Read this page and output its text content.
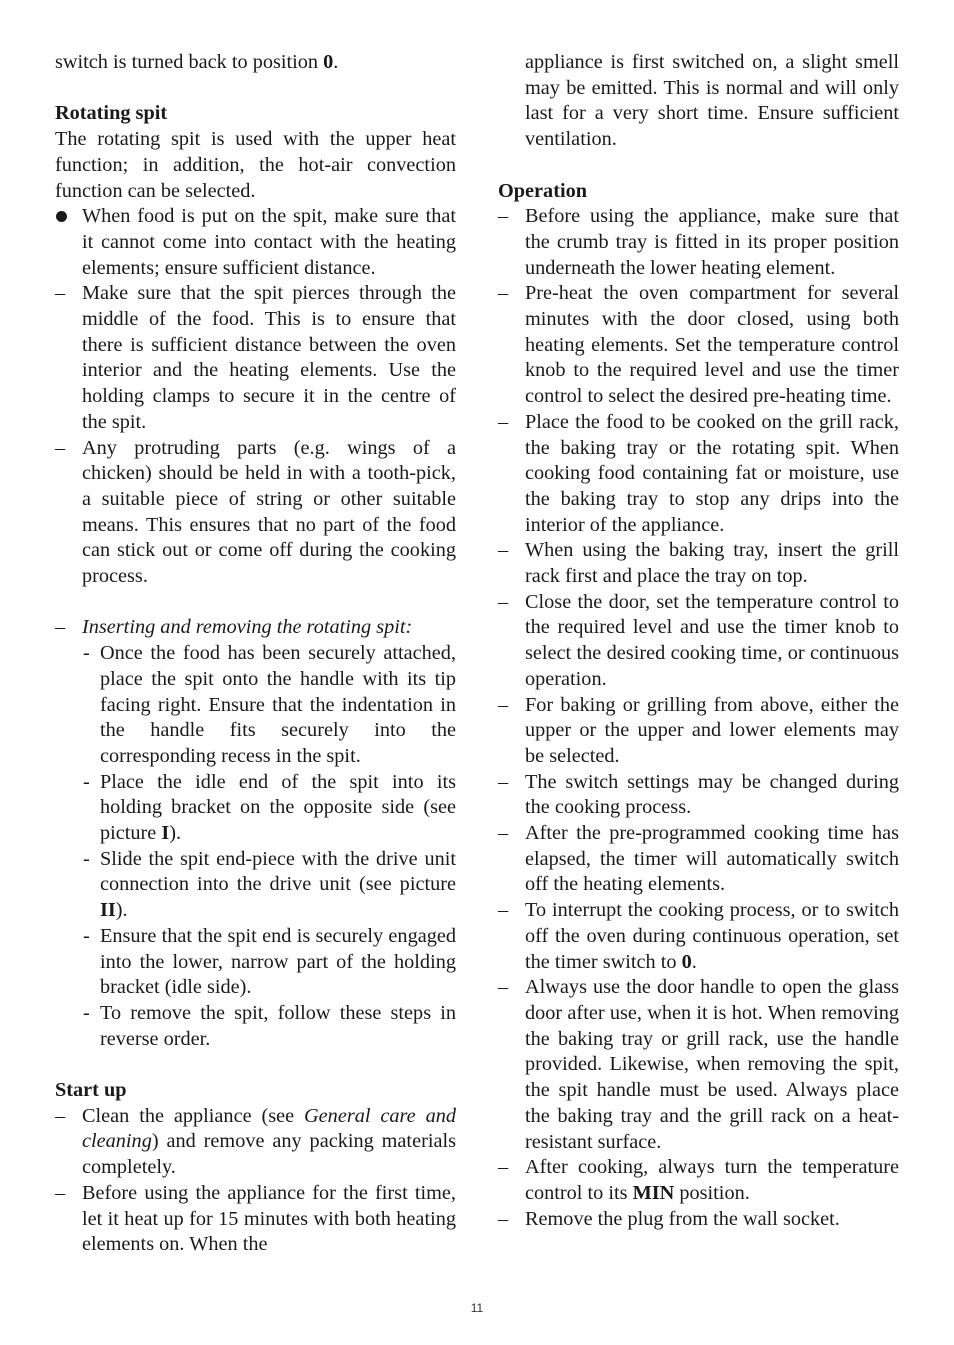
switch is turned back to position 0.

Rotating spit

The rotating spit is used with the upper heat function; in addition, the hot-air convection function can be selected.

When food is put on the spit, make sure that it cannot come into contact with the heating elements; ensure sufficient distance.
– Make sure that the spit pierces through the middle of the food. This is to ensure that there is sufficient distance between the oven interior and the heating elements. Use the holding clamps to secure it in the centre of the spit.
– Any protruding parts (e.g. wings of a chicken) should be held in with a tooth-pick, a suitable piece of string or other suitable means. This ensures that no part of the food can stick out or come off during the cooking process.
– Inserting and removing the rotating spit:
- Once the food has been securely attached, place the spit onto the handle with its tip facing right. Ensure that the indentation in the handle fits securely into the corresponding recess in the spit.
- Place the idle end of the spit into its holding bracket on the opposite side (see picture I).
- Slide the spit end-piece with the drive unit connection into the drive unit (see picture II).
- Ensure that the spit end is securely engaged into the lower, narrow part of the holding bracket (idle side).
- To remove the spit, follow these steps in reverse order.
Start up
– Clean the appliance (see General care and cleaning) and remove any packing materials completely.
– Before using the appliance for the first time, let it heat up for 15 minutes with both heating elements on. When the

appliance is first switched on, a slight smell may be emitted. This is normal and will only last for a very short time. Ensure sufficient ventilation.

Operation
– Before using the appliance, make sure that the crumb tray is fitted in its proper position underneath the lower heating element.
– Pre-heat the oven compartment for several minutes with the door closed, using both heating elements. Set the temperature control knob to the required level and use the timer control to select the desired pre-heating time.
– Place the food to be cooked on the grill rack, the baking tray or the rotating spit. When cooking food containing fat or moisture, use the baking tray to stop any drips into the interior of the appliance.
– When using the baking tray, insert the grill rack first and place the tray on top.
– Close the door, set the temperature control to the required level and use the timer knob to select the desired cooking time, or continuous operation.
– For baking or grilling from above, either the upper or the upper and lower elements may be selected.
– The switch settings may be changed during the cooking process.
– After the pre-programmed cooking time has elapsed, the timer will automatically switch off the heating elements.
– To interrupt the cooking process, or to switch off the oven during continuous operation, set the timer switch to 0.
– Always use the door handle to open the glass door after use, when it is hot. When removing the baking tray or grill rack, use the handle provided. Likewise, when removing the spit, the spit handle must be used. Always place the baking tray and the grill rack on a heat-resistant surface.
– After cooking, always turn the temperature control to its MIN position.
– Remove the plug from the wall socket.
11
